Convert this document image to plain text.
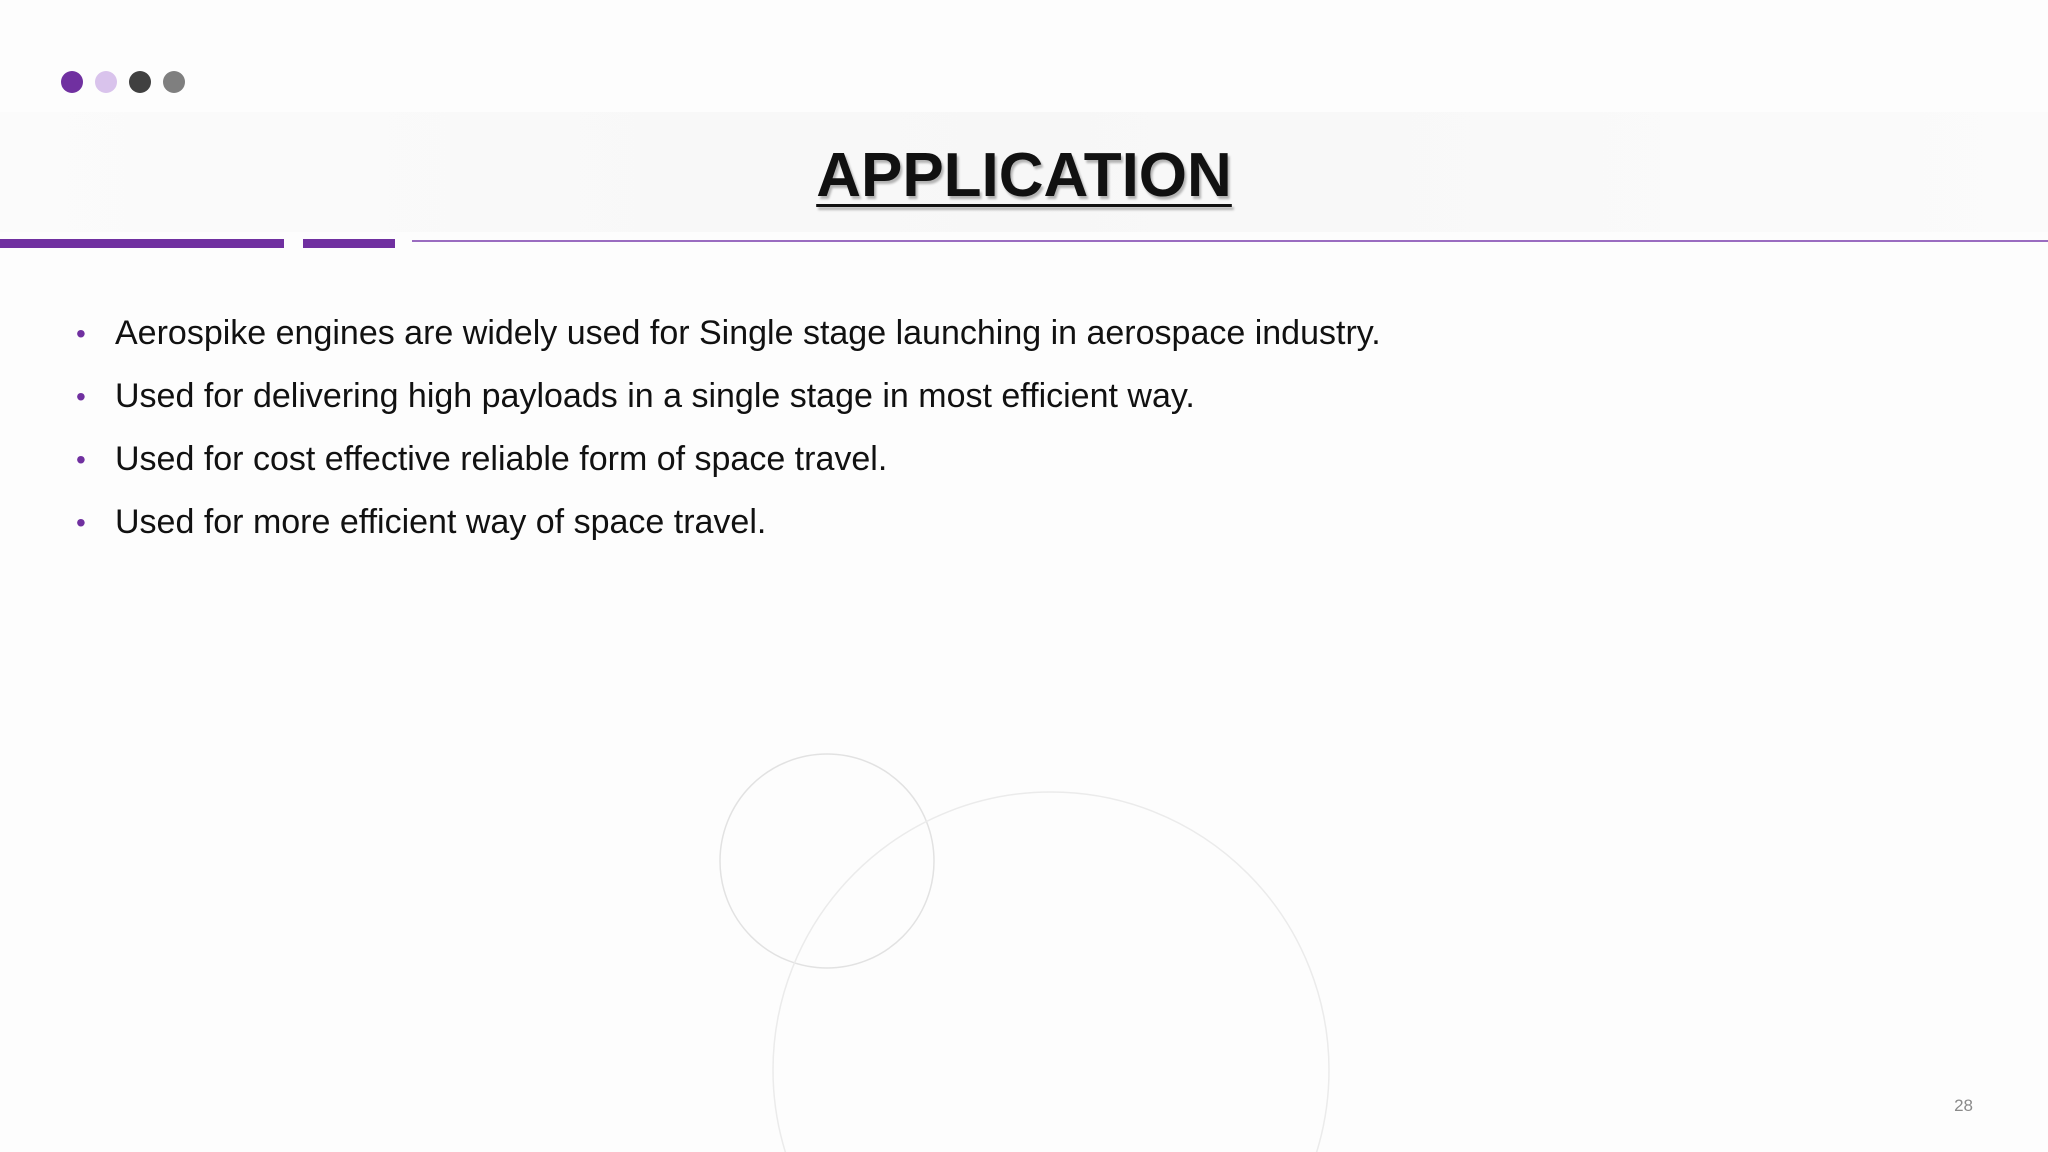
APPLICATION
• Aerospike engines are widely used for Single stage launching in aerospace industry.
• Used for delivering high payloads in a single stage in most efficient way.
• Used for cost effective reliable form of space travel.
• Used for more efficient way of space travel.
28
